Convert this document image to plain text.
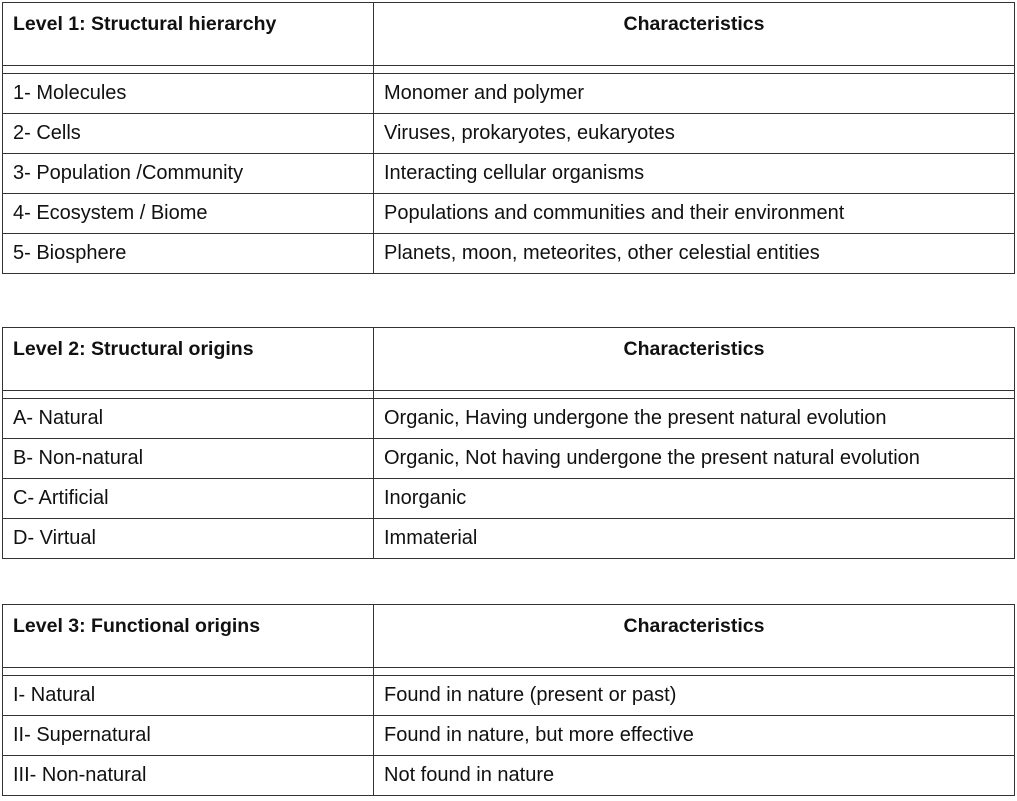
Level 1: Structural hierarchy	Characteristics

1- Molecules	Monomer and polymer
2- Cells	Viruses, prokaryotes, eukaryotes
3- Population /Community	Interacting cellular organisms
4- Ecosystem / Biome	Populations and communities and their environment
5- Biosphere	Planets, moon, meteorites, other celestial entities
Level 2: Structural origins	Characteristics

A- Natural	Organic, Having undergone the present natural evolution
B- Non-natural	Organic, Not having undergone the present natural evolution
C- Artificial	Inorganic
D- Virtual	Immaterial
Level 3: Functional origins	Characteristics

I- Natural	Found in nature (present or past)
II- Supernatural	Found in nature, but more effective
III- Non-natural	Not found in nature
